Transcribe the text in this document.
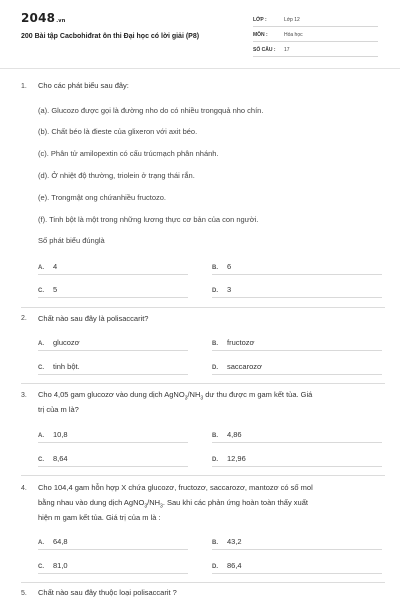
2048.vn
200 Bài tập Cacbohiđrat ôn thi Đại học có lời giải (P8)
LỚP :	Lớp 12
MÔN :	Hóa học
SỐ CÂU : 17
1. Cho các phát biểu sau đây:
(a). Glucozo được gọi là đường nho do có nhiều trongquả nho chín.
(b). Chất béo là đieste của glixeron với axit béo.
(c). Phân tử amilopextin có cấu trúcmạch phân nhánh.
(d). Ở nhiệt độ thường, triolein ở trạng thái rắn.
(e). Trongmật ong chứanhiều fructozo.
(f). Tinh bột là một trong những lương thực cơ bản của con người.
Số phát biểu đúnglà
A. 4	B. 6
C. 5	D. 3
2. Chất nào sau đây là polisaccarit?
A. glucozơ	B. fructozơ
C. tinh bột.	D. saccarozơ
3. Cho 4,05 gam glucozơ vào dung dịch $AgNO_3/NH_3$ dư thu được m gam kết tủa. Giá
trị của m là?
A. 10,8	B. 4,86
C. 8,64	D. 12,96
4. Cho 104,4 gam hỗn hợp X chứa glucozơ, fructozơ, saccarozơ, mantozơ có số mol
bằng nhau vào dung dịch $AgNO_3/NH_3$. Sau khi các phản ứng hoàn toàn thấy xuất
hiện m gam kết tủa. Giá trị của m là :
A. 64,8	B. 43,2
C. 81,0	D. 86,4
5. Chất nào sau đây thuộc loại polisaccarit ?
